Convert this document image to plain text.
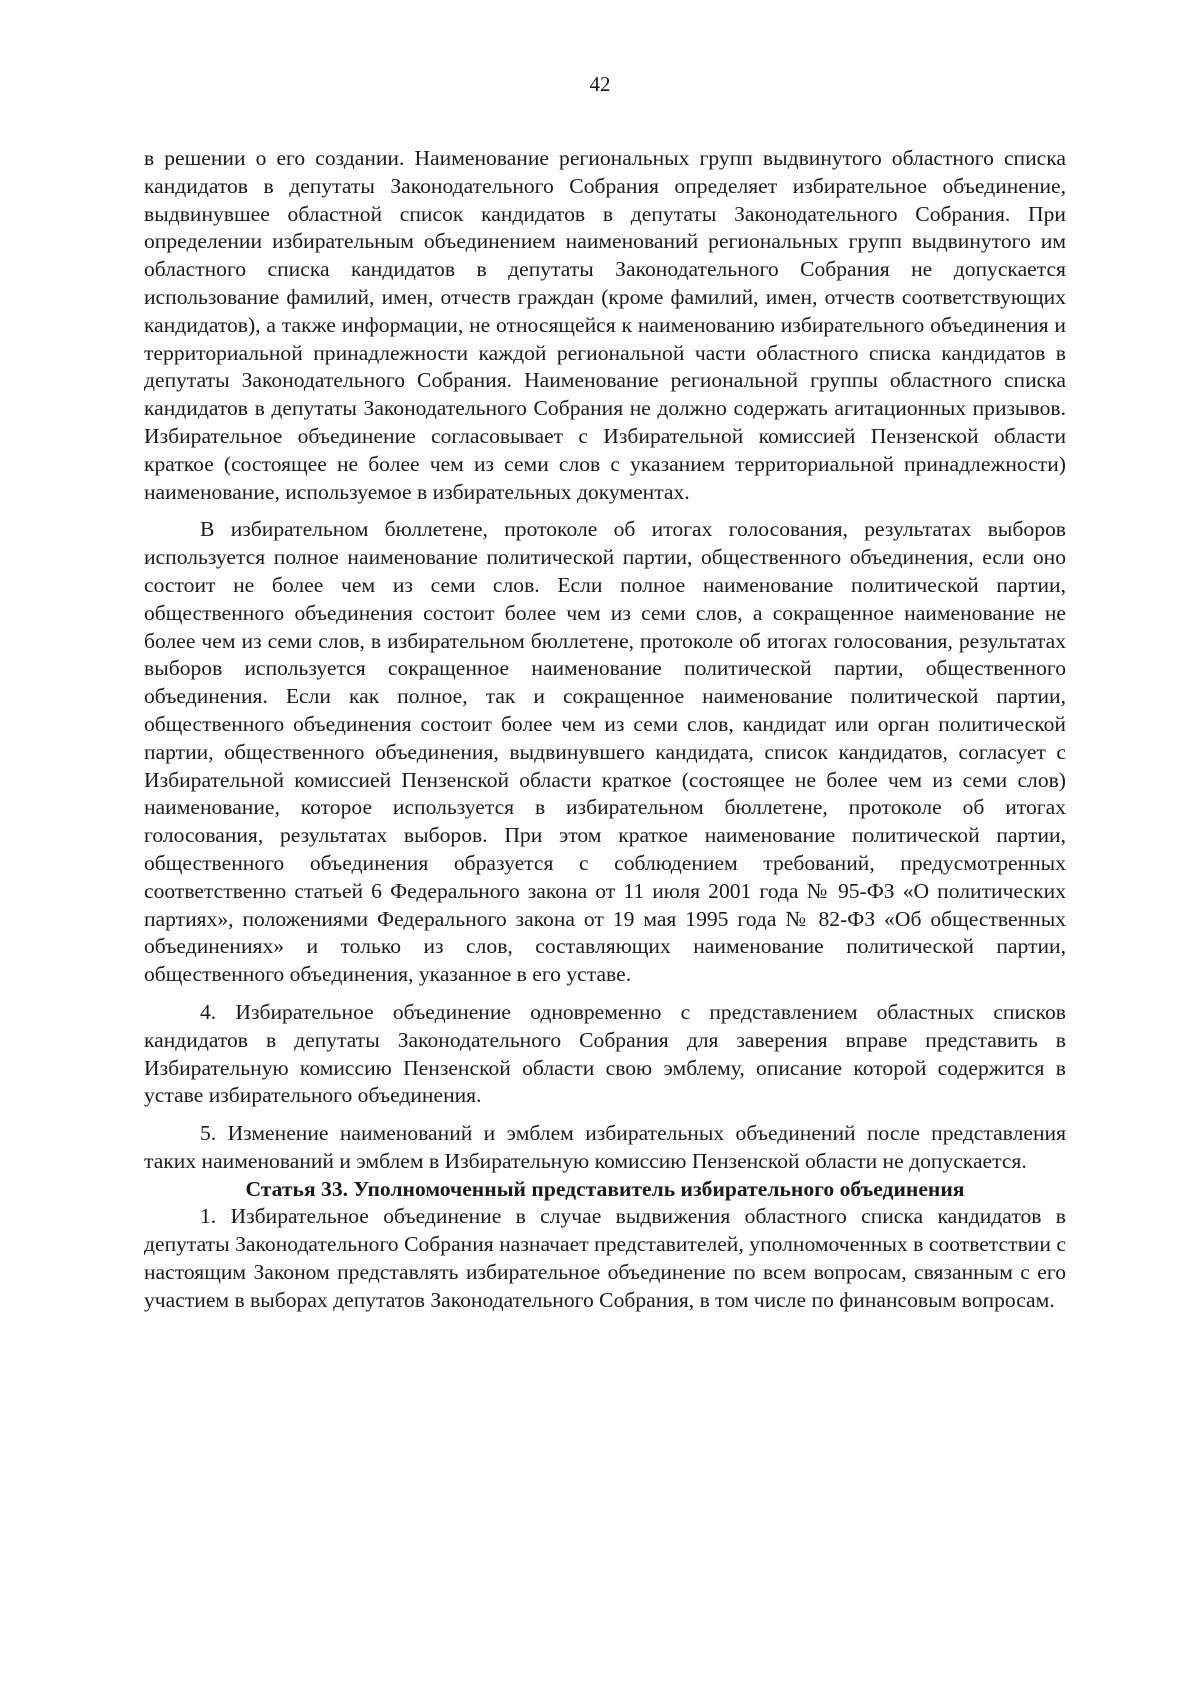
42

в решении о его создании. Наименование региональных групп выдвинутого областного списка кандидатов в депутаты Законодательного Собрания определяет избирательное объединение, выдвинувшее областной список кандидатов в депутаты Законодательного Собрания. При определении избирательным объединением наименований региональных групп выдвинутого им областного списка кандидатов в депутаты Законодательного Собрания не допускается использование фамилий, имен, отчеств граждан (кроме фамилий, имен, отчеств соответствующих кандидатов), а также информации, не относящейся к наименованию избирательного объединения и территориальной принадлежности каждой региональной части областного списка кандидатов в депутаты Законодательного Собрания. Наименование региональной группы областного списка кандидатов в депутаты Законодательного Собрания не должно содержать агитационных призывов. Избирательное объединение согласовывает с Избирательной комиссией Пензенской области краткое (состоящее не более чем из семи слов с указанием территориальной принадлежности) наименование, используемое в избирательных документах.

В избирательном бюллетене, протоколе об итогах голосования, результатах выборов используется полное наименование политической партии, общественного объединения, если оно состоит не более чем из семи слов. Если полное наименование политической партии, общественного объединения состоит более чем из семи слов, а сокращенное наименование не более чем из семи слов, в избирательном бюллетене, протоколе об итогах голосования, результатах выборов используется сокращенное наименование политической партии, общественного объединения. Если как полное, так и сокращенное наименование политической партии, общественного объединения состоит более чем из семи слов, кандидат или орган политической партии, общественного объединения, выдвинувшего кандидата, список кандидатов, согласует с Избирательной комиссией Пензенской области краткое (состоящее не более чем из семи слов) наименование, которое используется в избирательном бюллетене, протоколе об итогах голосования, результатах выборов. При этом краткое наименование политической партии, общественного объединения образуется с соблюдением требований, предусмотренных соответственно статьей 6 Федерального закона от 11 июля 2001 года № 95-ФЗ «О политических партиях», положениями Федерального закона от 19 мая 1995 года № 82-ФЗ «Об общественных объединениях» и только из слов, составляющих наименование политической партии, общественного объединения, указанное в его уставе.

4. Избирательное объединение одновременно с представлением областных списков кандидатов в депутаты Законодательного Собрания для заверения вправе представить в Избирательную комиссию Пензенской области свою эмблему, описание которой содержится в уставе избирательного объединения.

5. Изменение наименований и эмблем избирательных объединений после представления таких наименований и эмблем в Избирательную комиссию Пензенской области не допускается.

Статья 33. Уполномоченный представитель избирательного объединения

1. Избирательное объединение в случае выдвижения областного списка кандидатов в депутаты Законодательного Собрания назначает представителей, уполномоченных в соответствии с настоящим Законом представлять избирательное объединение по всем вопросам, связанным с его участием в выборах депутатов Законодательного Собрания, в том числе по финансовым вопросам.
